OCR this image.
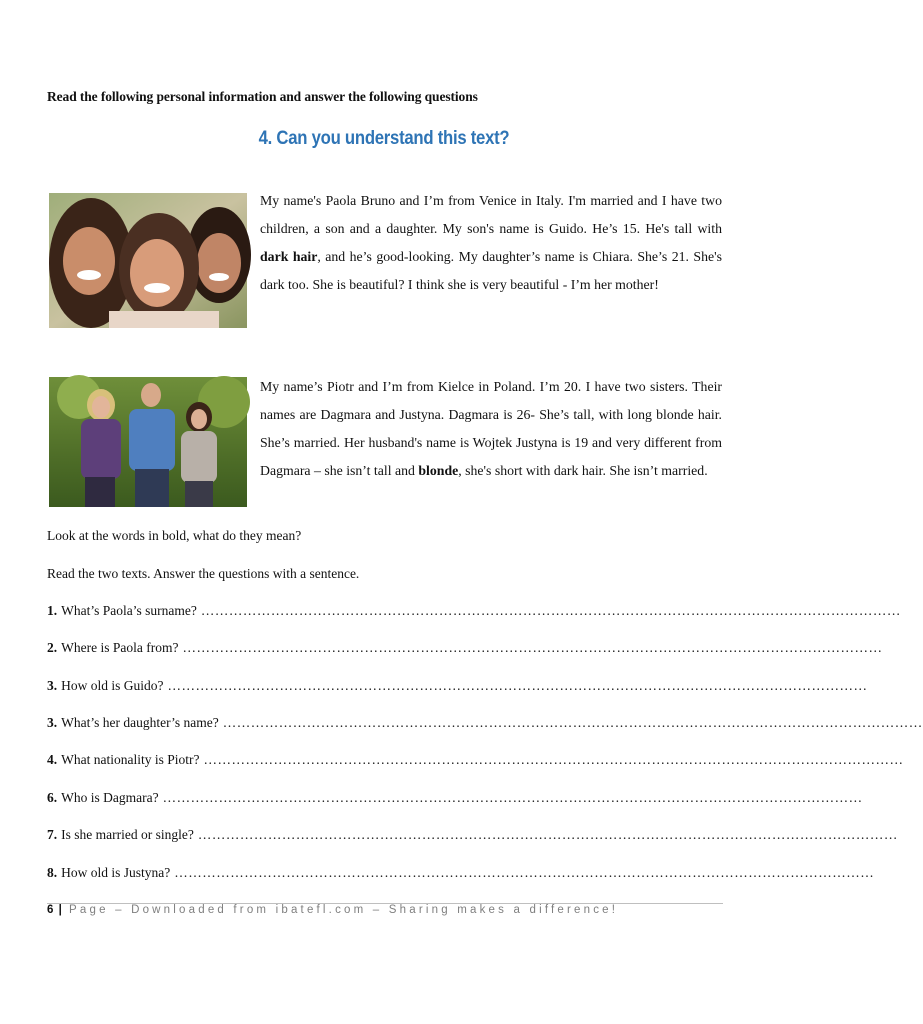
Read the following personal information and answer the following questions
4. Can you understand this text?
My name's Paola Bruno and I’m from Venice in Italy. I'm married and I have two children, a son and a daughter. My son's name is Guido. He’s 15. He's tall with dark hair, and he’s good-looking. My daughter’s name is Chiara. She’s 21. She's dark too. She is beautiful? I think she is very beautiful - I’m her mother!
My name’s Piotr and I’m from Kielce in Poland. I’m 20. I have two sisters. Their names are Dagmara and Justyna. Dagmara is 26- She’s tall, with long blonde hair. She’s married. Her husband's name is Wojtek Justyna is 19 and very different from Dagmara – she isn’t tall and blonde, she's short with dark hair. She isn’t married.
Look at the words in bold, what do they mean?
Read the two texts. Answer the questions with a sentence.
1. What’s Paola’s surname? ……………………………………………………………………………………………………………………………………
2. Where is Paola from? ……………………………………………………………………………………………………………………………………
3. How old is Guido? ……………………………………………………………………………………………………………………………………
3. What’s her daughter’s name? ……………………………………………………………………………………………………………………………………
4. What nationality is Piotr? ……………………………………………………………………………………………………………………………………
6. Who is Dagmara? ……………………………………………………………………………………………………………………………………
7. Is she married or single? ……………………………………………………………………………………………………………………………………
8. How old is Justyna? ……………………………………………………………………………………………………………………………………
6 | Page – Downloaded from ibatefl.com – Sharing makes a difference!
